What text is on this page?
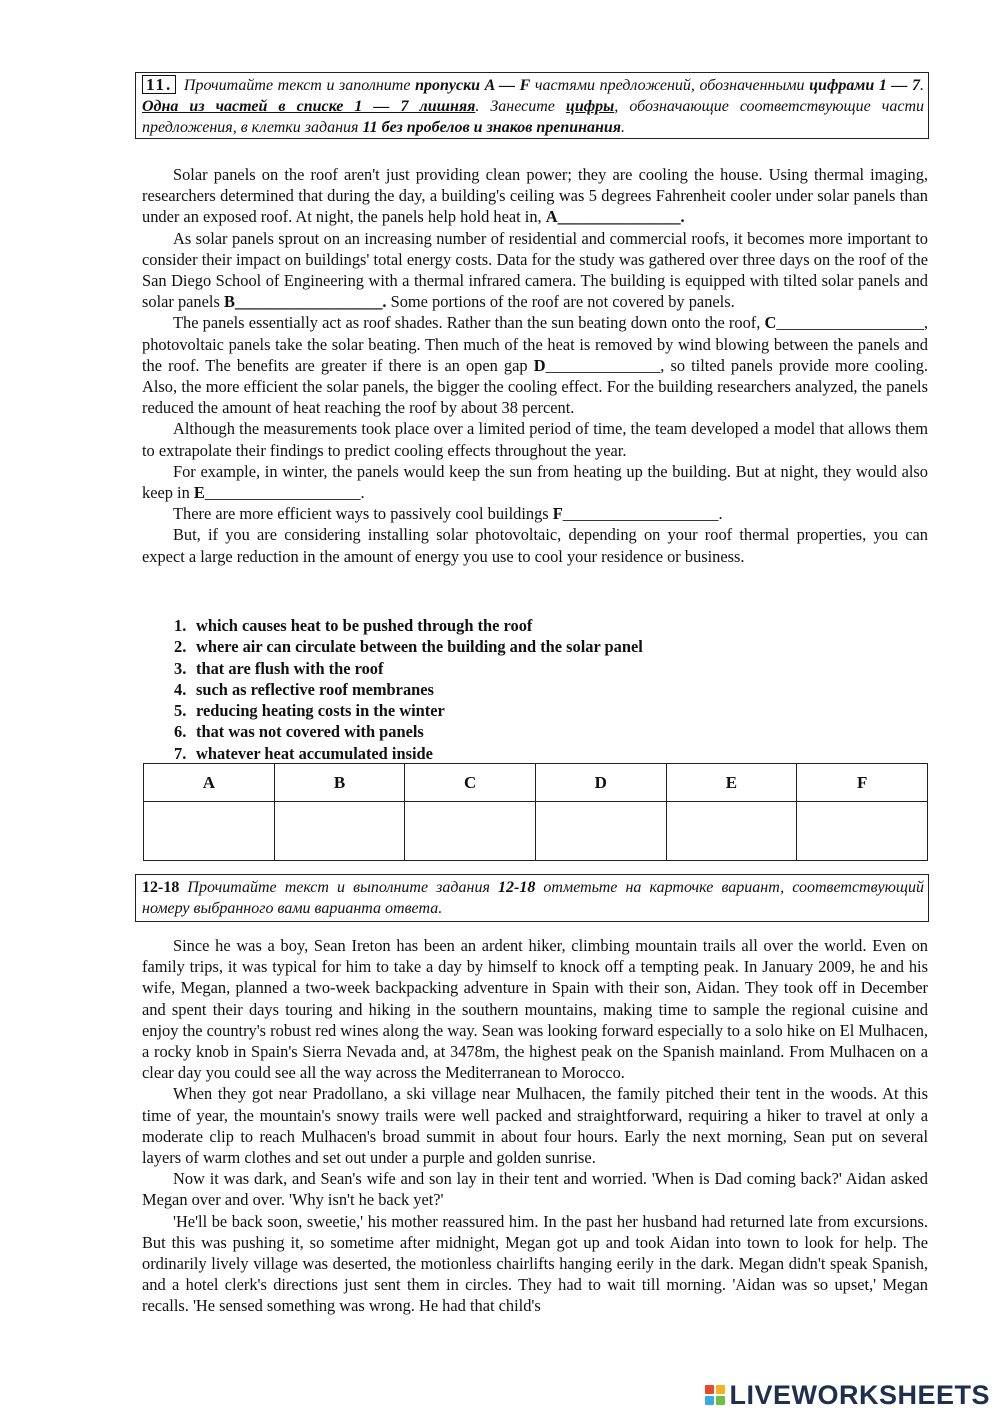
11. Прочитайте текст и заполните пропуски A — F частями предложений, обозначенными цифрами 1 — 7. Одна из частей в списке 1 — 7 лишняя. Занесите цифры, обозначающие соответствующие части предложения, в клетки задания 11 без пробелов и знаков препинания.

Solar panels on the roof aren't just providing clean power; they are cooling the house. Using thermal imaging, researchers determined that during the day, a building's ceiling was 5 degrees Fahrenheit cooler under solar panels than under an exposed roof. At night, the panels help hold heat in, A_______________.

As solar panels sprout on an increasing number of residential and commercial roofs, it becomes more important to consider their impact on buildings' total energy costs. Data for the study was gathered over three days on the roof of the San Diego School of Engineering with a thermal infrared camera. The building is equipped with tilted solar panels and solar panels B__________________. Some portions of the roof are not covered by panels.

The panels essentially act as roof shades. Rather than the sun beating down onto the roof, C__________________, photovoltaic panels take the solar beating. Then much of the heat is removed by wind blowing between the panels and the roof. The benefits are greater if there is an open gap D______________, so tilted panels provide more cooling. Also, the more efficient the solar panels, the bigger the cooling effect. For the building researchers analyzed, the panels reduced the amount of heat reaching the roof by about 38 percent.

Although the measurements took place over a limited period of time, the team developed a model that allows them to extrapolate their findings to predict cooling effects throughout the year.

For example, in winter, the panels would keep the sun from heating up the building. But at night, they would also keep in E___________________.

There are more efficient ways to passively cool buildings F___________________.

But, if you are considering installing solar photovoltaic, depending on your roof thermal properties, you can expect a large reduction in the amount of energy you use to cool your residence or business.

1. which causes heat to be pushed through the roof
2. where air can circulate between the building and the solar panel
3. that are flush with the roof
4. such as reflective roof membranes
5. reducing heating costs in the winter
6. that was not covered with panels
7. whatever heat accumulated inside
A	B	C	D	E	F

12-18 Прочитайте текст и выполните задания 12-18 отметьте на карточке вариант, соответствующий номеру выбранного вами варианта ответа.

Since he was a boy, Sean Ireton has been an ardent hiker, climbing mountain trails all over the world. Even on family trips, it was typical for him to take a day by himself to knock off a tempting peak. In January 2009, he and his wife, Megan, planned a two-week backpacking adventure in Spain with their son, Aidan. They took off in December and spent their days touring and hiking in the southern mountains, making time to sample the regional cuisine and enjoy the country's robust red wines along the way. Sean was looking forward especially to a solo hike on El Mulhacen, a rocky knob in Spain's Sierra Nevada and, at 3478m, the highest peak on the Spanish mainland. From Mulhacen on a clear day you could see all the way across the Mediterranean to Morocco.

When they got near Pradollano, a ski village near Mulhacen, the family pitched their tent in the woods. At this time of year, the mountain's snowy trails were well packed and straightforward, requiring a hiker to travel at only a moderate clip to reach Mulhacen's broad summit in about four hours. Early the next morning, Sean put on several layers of warm clothes and set out under a purple and golden sunrise.

Now it was dark, and Sean's wife and son lay in their tent and worried. 'When is Dad coming back?' Aidan asked Megan over and over. 'Why isn't he back yet?'

'He'll be back soon, sweetie,' his mother reassured him. In the past her husband had returned late from excursions. But this was pushing it, so sometime after midnight, Megan got up and took Aidan into town to look for help. The ordinarily lively village was deserted, the motionless chairlifts hanging eerily in the dark. Megan didn't speak Spanish, and a hotel clerk's directions just sent them in circles. They had to wait till morning. 'Aidan was so upset,' Megan recalls. 'He sensed something was wrong. He had that child's

LIVEWORKSHEETS
